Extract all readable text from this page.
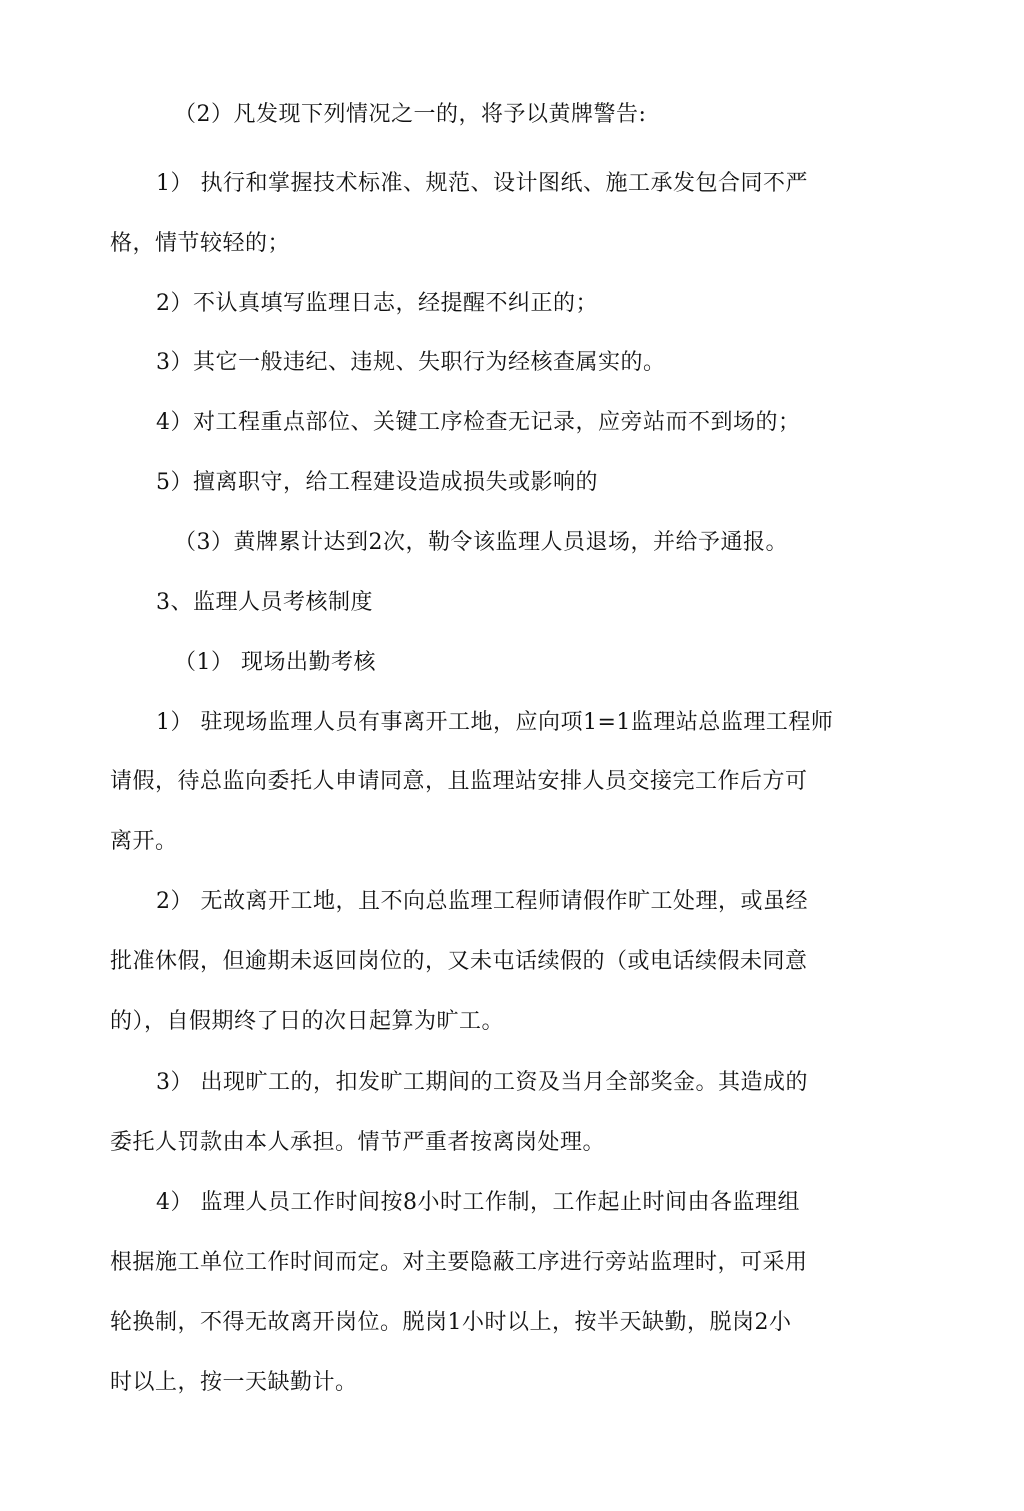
（2）凡发现下列情况之一的，将予以黄牌警告:
1） 执行和掌握技术标准、规范、设计图纸、施工承发包合同不严
格，情节较轻的；
2）不认真填写监理日志，经提醒不纠正的；
3）其它一般违纪、违规、失职行为经核查属实的。
4）对工程重点部位、关键工序检查无记录，应旁站而不到场的；
5）擅离职守，给工程建设造成损失或影响的
（3）黄牌累计达到2次，勒令该监理人员退场，并给予通报。
3、监理人员考核制度
（1） 现场出勤考核
1） 驻现场监理人员有事离开工地，应向项1=1监理站总监理工程师
请假，待总监向委托人申请同意，且监理站安排人员交接完工作后方可
离开。
2） 无故离开工地，且不向总监理工程师请假作旷工处理，或虽经
批准休假，但逾期未返回岗位的，又未屯话续假的（或电话续假未同意
的），自假期终了日的次日起算为旷工。
3） 出现旷工的，扣发旷工期间的工资及当月全部奖金。其造成的
委托人罚款由本人承担。情节严重者按离岗处理。
4） 监理人员工作时间按8小时工作制，工作起止时间由各监理组
根据施工单位工作时间而定。对主要隐蔽工序进行旁站监理时，可采用
轮换制，不得无故离开岗位。脱岗1小时以上，按半天缺勤，脱岗2小
时以上，按一天缺勤计。
